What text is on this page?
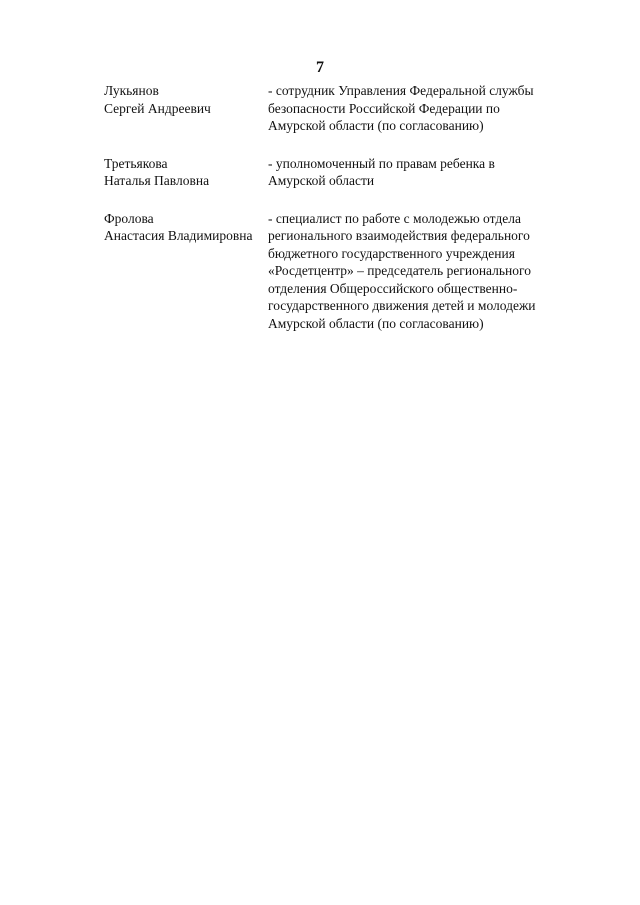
7
Лукьянов
Сергей Андреевич
- сотрудник Управления Федеральной службы
безопасности Российской Федерации по
Амурской области (по согласованию)
Третьякова
Наталья Павловна
- уполномоченный по правам ребенка в
Амурской области
Фролова
Анастасия Владимировна
- специалист по работе с молодежью отдела
регионального взаимодействия федерального
бюджетного государственного учреждения
«Росдетцентр» – председатель регионального
отделения Общероссийского общественно-
государственного движения детей и молодежи
Амурской области (по согласованию)
